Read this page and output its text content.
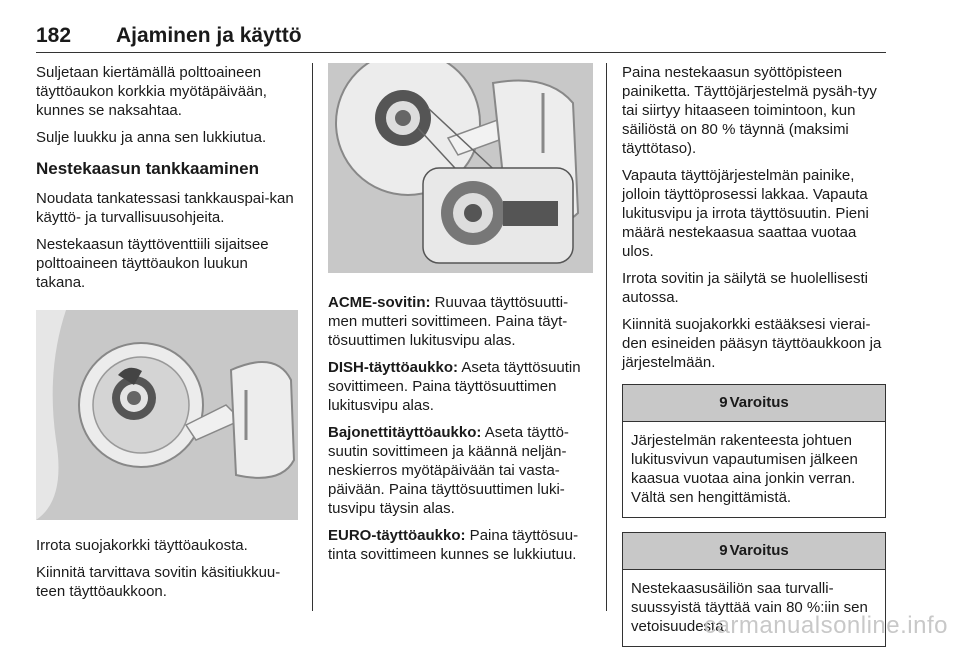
182 Ajaminen ja käyttö

Suljetaan kiertämällä polttoaineen täyttöaukon korkkia myötäpäivään, kunnes se naksahtaa.

Sulje luukku ja anna sen lukkiutua.

Nestekaasun tankkaaminen

Noudata tankatessasi tankkauspai-kan käyttö- ja turvallisuusohjeita.

Nestekaasun täyttöventtiili sijaitsee polttoaineen täyttöaukon luukun takana.

Irrota suojakorkki täyttöaukosta.

Kiinnitä tarvittava sovitin käsitiukkuu-teen täyttöaukkoon.

ACME-sovitin: Ruuvaa täyttösuutti-men mutteri sovittimeen. Paina täyt-tösuuttimen lukitusvipu alas.

DISH-täyttöaukko: Aseta täyttösuutin sovittimeen. Paina täyttösuuttimen lukitusvipu alas.

Bajonettitäyttöaukko: Aseta täyttö-suutin sovittimeen ja käännä neljän-neskierros myötäpäivään tai vasta-päivään. Paina täyttösuuttimen luki-tusvipu täysin alas.

EURO-täyttöaukko: Paina täyttösuu-tinta sovittimeen kunnes se lukkiutuu.

Paina nestekaasun syöttöpisteen painiketta. Täyttöjärjestelmä pysäh-tyy tai siirtyy hitaaseen toimintoon, kun säiliöstä on 80 % täynnä (maksimi täyttötaso).

Vapauta täyttöjärjestelmän painike, jolloin täyttöprosessi lakkaa. Vapauta lukitusvipu ja irrota täyttösuutin. Pieni määrä nestekaasua saattaa vuotaa ulos.

Irrota sovitin ja säilytä se huolellisesti autossa.

Kiinnitä suojakorkki estääksesi vierai-den esineiden pääsyn täyttöaukkoon ja järjestelmään.

9 Varoitus
Järjestelmän rakenteesta johtuen lukitusvivun vapautumisen jälkeen kaasua vuotaa aina jonkin verran. Vältä sen hengittämistä.
9 Varoitus
Nestekaasusäiliön saa turvalli-suussyistä täyttää vain 80 %:iin sen vetoisuudesta.
carmanualsonline.info
